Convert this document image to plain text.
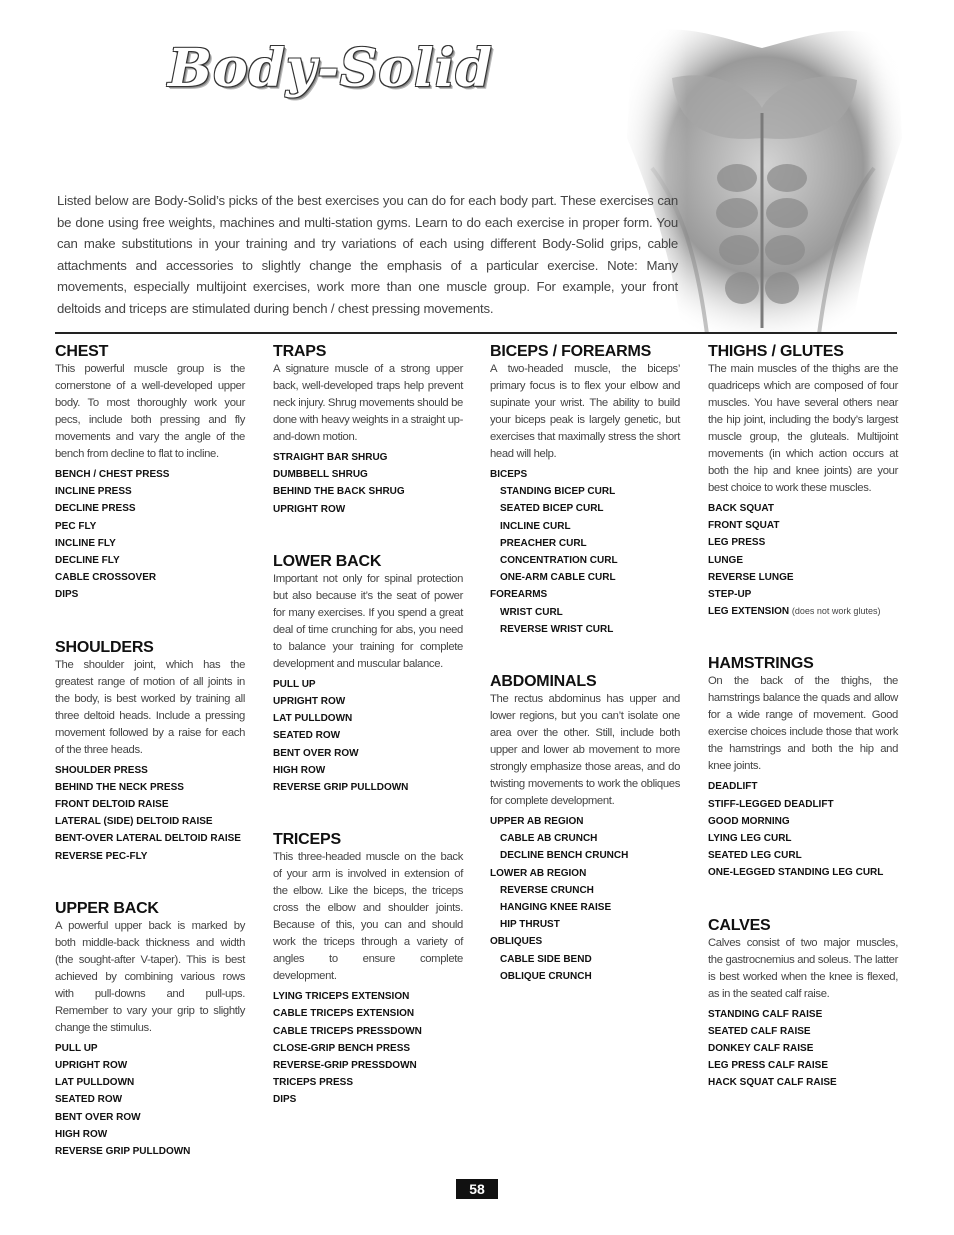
Body-Solid
Listed below are Body-Solid’s picks of the best exercises you can do for each body part. These exercises can be done using free weights, machines and multi-station gyms. Learn to do each exercise in proper form. You can make substitutions in your training and try variations of each using different Body-Solid grips, cable attachments and accessories to slightly change the emphasis of a particular exercise. Note: Many movements, especially multijoint exercises, work more than one muscle group. For example, your front deltoids and triceps are stimulated during bench / chest pressing movements.
CHEST
This powerful muscle group is the cornerstone of a well-developed upper body. To most thoroughly work your pecs, include both pressing and fly movements and vary the angle of the bench from decline to flat to incline.
BENCH / CHEST PRESS
INCLINE PRESS
DECLINE PRESS
PEC FLY
INCLINE FLY
DECLINE FLY
CABLE CROSSOVER
DIPS
SHOULDERS
The shoulder joint, which has the greatest range of motion of all joints in the body, is best worked by training all three deltoid heads. Include a pressing movement followed by a raise for each of the three heads.
SHOULDER PRESS
BEHIND THE NECK PRESS
FRONT DELTOID RAISE
LATERAL (SIDE) DELTOID RAISE
BENT-OVER LATERAL DELTOID RAISE
REVERSE PEC-FLY
UPPER BACK
A powerful upper back is marked by both middle-back thickness and width (the sought-after V-taper). This is best achieved by combining various rows with pull-downs and pull-ups. Remember to vary your grip to slightly change the stimulus.
PULL UP
UPRIGHT ROW
LAT PULLDOWN
SEATED ROW
BENT OVER ROW
HIGH ROW
REVERSE GRIP PULLDOWN
TRAPS
A signature muscle of a strong upper back, well-developed traps help prevent neck injury. Shrug movements should be done with heavy weights in a straight up-and-down motion.
STRAIGHT BAR SHRUG
DUMBBELL SHRUG
BEHIND THE BACK SHRUG
UPRIGHT ROW
LOWER BACK
Important not only for spinal protection but also because it’s the seat of power for many exercises. If you spend a great deal of time crunching for abs, you need to balance your training for complete development and muscular balance.
PULL UP
UPRIGHT ROW
LAT PULLDOWN
SEATED ROW
BENT OVER ROW
HIGH ROW
REVERSE GRIP PULLDOWN
TRICEPS
This three-headed muscle on the back of your arm is involved in extension of the elbow. Like the biceps, the triceps cross the elbow and shoulder joints. Because of this, you can and should work the triceps through a variety of angles to ensure complete development.
LYING TRICEPS EXTENSION
CABLE TRICEPS EXTENSION
CABLE TRICEPS PRESSDOWN
CLOSE-GRIP BENCH PRESS
REVERSE-GRIP PRESSDOWN
TRICEPS PRESS
DIPS
BICEPS / FOREARMS
A two-headed muscle, the biceps’ primary focus is to flex your elbow and supinate your wrist. The ability to build your biceps peak is largely genetic, but exercises that maximally stress the short head will help.
BICEPS
STANDING BICEP CURL
SEATED BICEP CURL
INCLINE CURL
PREACHER CURL
CONCENTRATION CURL
ONE-ARM CABLE CURL
FOREARMS
WRIST CURL
REVERSE WRIST CURL
ABDOMINALS
The rectus abdominus has upper and lower regions, but you can’t isolate one area over the other. Still, include both upper and lower ab movement to more strongly emphasize those areas, and do twisting movements to work the obliques for complete development.
UPPER AB REGION
CABLE AB CRUNCH
DECLINE BENCH CRUNCH
LOWER AB REGION
REVERSE CRUNCH
HANGING KNEE RAISE
HIP THRUST
OBLIQUES
CABLE SIDE BEND
OBLIQUE CRUNCH
THIGHS / GLUTES
The main muscles of the thighs are the quadriceps which are composed of four muscles. You have several others near the hip joint, including the body’s largest muscle group, the gluteals. Multijoint movements (in which action occurs at both the hip and knee joints) are your best choice to work these muscles.
BACK SQUAT
FRONT SQUAT
LEG PRESS
LUNGE
REVERSE LUNGE
STEP-UP
LEG EXTENSION (does not work glutes)
HAMSTRINGS
On the back of the thighs, the hamstrings balance the quads and allow for a wide range of movement. Good exercise choices include those that work the hamstrings and both the hip and knee joints.
DEADLIFT
STIFF-LEGGED DEADLIFT
GOOD MORNING
LYING LEG CURL
SEATED LEG CURL
ONE-LEGGED STANDING LEG CURL
CALVES
Calves consist of two major muscles, the gastrocnemius and soleus. The latter is best worked when the knee is flexed, as in the seated calf raise.
STANDING CALF RAISE
SEATED CALF RAISE
DONKEY CALF RAISE
LEG PRESS CALF RAISE
HACK SQUAT CALF RAISE
58
